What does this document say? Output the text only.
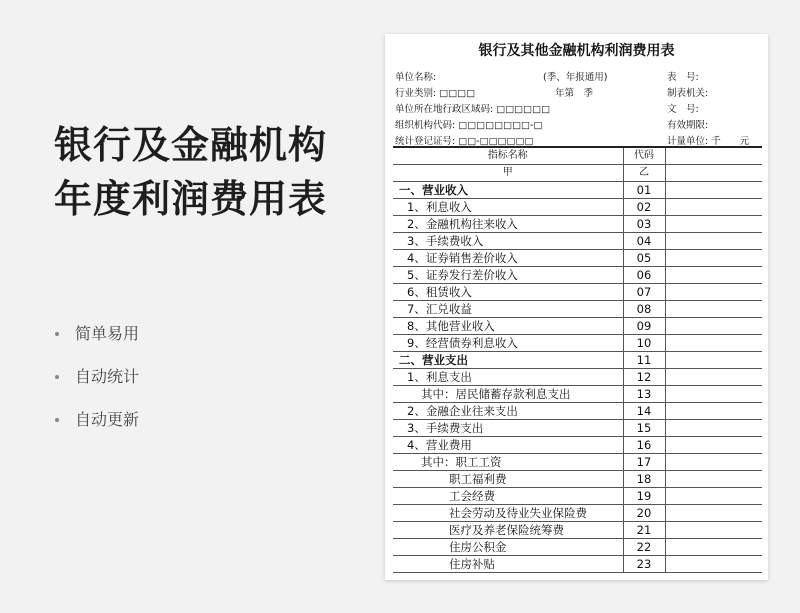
银行及金融机构
年度利润费用表
简单易用
自动统计
自动更新
银行及其他金融机构利润费用表
单位名称:	(季、年报通用)	表　号:
行业类别: □□□□	年第　季	制表机关:
单位所在地行政区域码: □□□□□□	文　号:
组织机构代码: □□□□□□□□-□	有效期限:
统计登记证号: □□-□□□□□□	计量单位: 千　　元
指标名称	代码	
甲	乙	
一、营业收入	01	
1、利息收入	02	
2、金融机构往来收入	03	
3、手续费收入	04	
4、证券销售差价收入	05	
5、证券发行差价收入	06	
6、租赁收入	07	
7、汇兑收益	08	
8、其他营业收入	09	
9、经营债券利息收入	10	
二、营业支出	11	
1、利息支出	12	
其中：居民储蓄存款利息支出	13	
2、金融企业往来支出	14	
3、手续费支出	15	
4、营业费用	16	
其中：职工工资	17	
职工福利费	18	
工会经费	19	
社会劳动及待业失业保险费	20	
医疗及养老保险统筹费	21	
住房公积金	22	
住房补贴	23	
